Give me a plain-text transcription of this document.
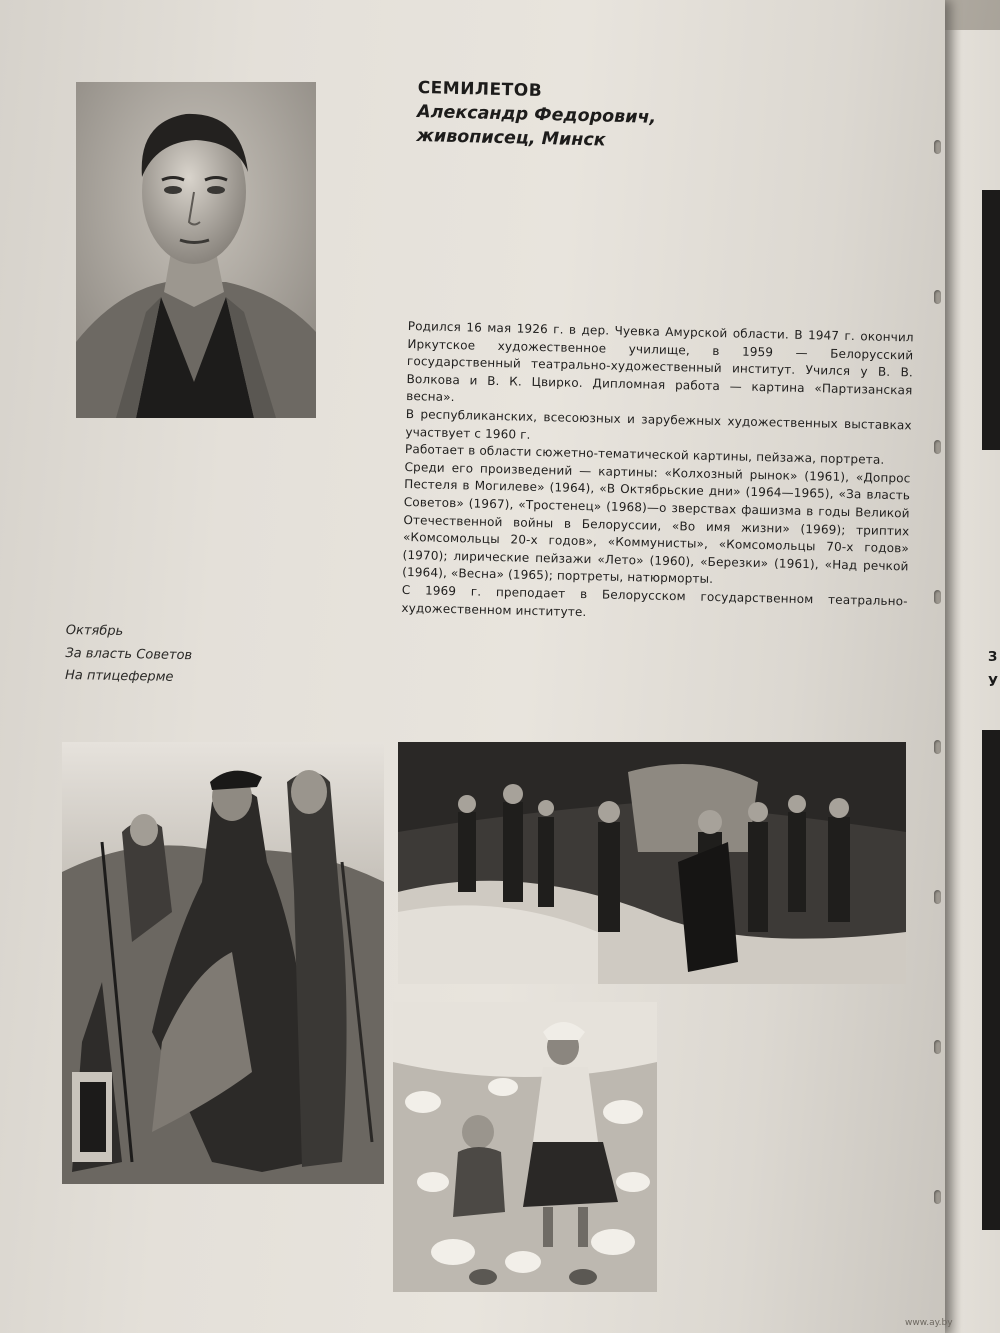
З
У
СЕМИЛЕТОВ
Александр Федорович,
живописец, Минск

Родился 16 мая 1926 г. в дер. Чуевка Амурской области. В 1947 г. окончил Иркутское художественное училище, в 1959 — Белорусский государственный театрально-художественный институт. Учился у В. В. Волкова и В. К. Цвирко. Дипломная работа — картина «Партизанская весна».

В республиканских, всесоюзных и зарубежных художественных выставках участвует с 1960 г.

Работает в области сюжетно-тематической картины, пейзажа, портрета.

Среди его произведений — картины: «Колхозный рынок» (1961), «Допрос Пестеля в Могилеве» (1964), «В Октябрьские дни» (1964—1965), «За власть Советов» (1967), «Тростенец» (1968)—о зверствах фашизма в годы Великой Отечественной войны в Белоруссии, «Во имя жизни» (1969); триптих «Комсомольцы 20-х годов», «Коммунисты», «Комсомольцы 70-х годов» (1970); лирические пейзажи «Лето» (1960), «Березки» (1961), «Над речкой (1964), «Весна» (1965); портреты, натюрморты.

С 1969 г. преподает в Белорусском государственном театрально-художественном институте.

Октябрь
За власть Советов
На птицеферме
www.ay.by
